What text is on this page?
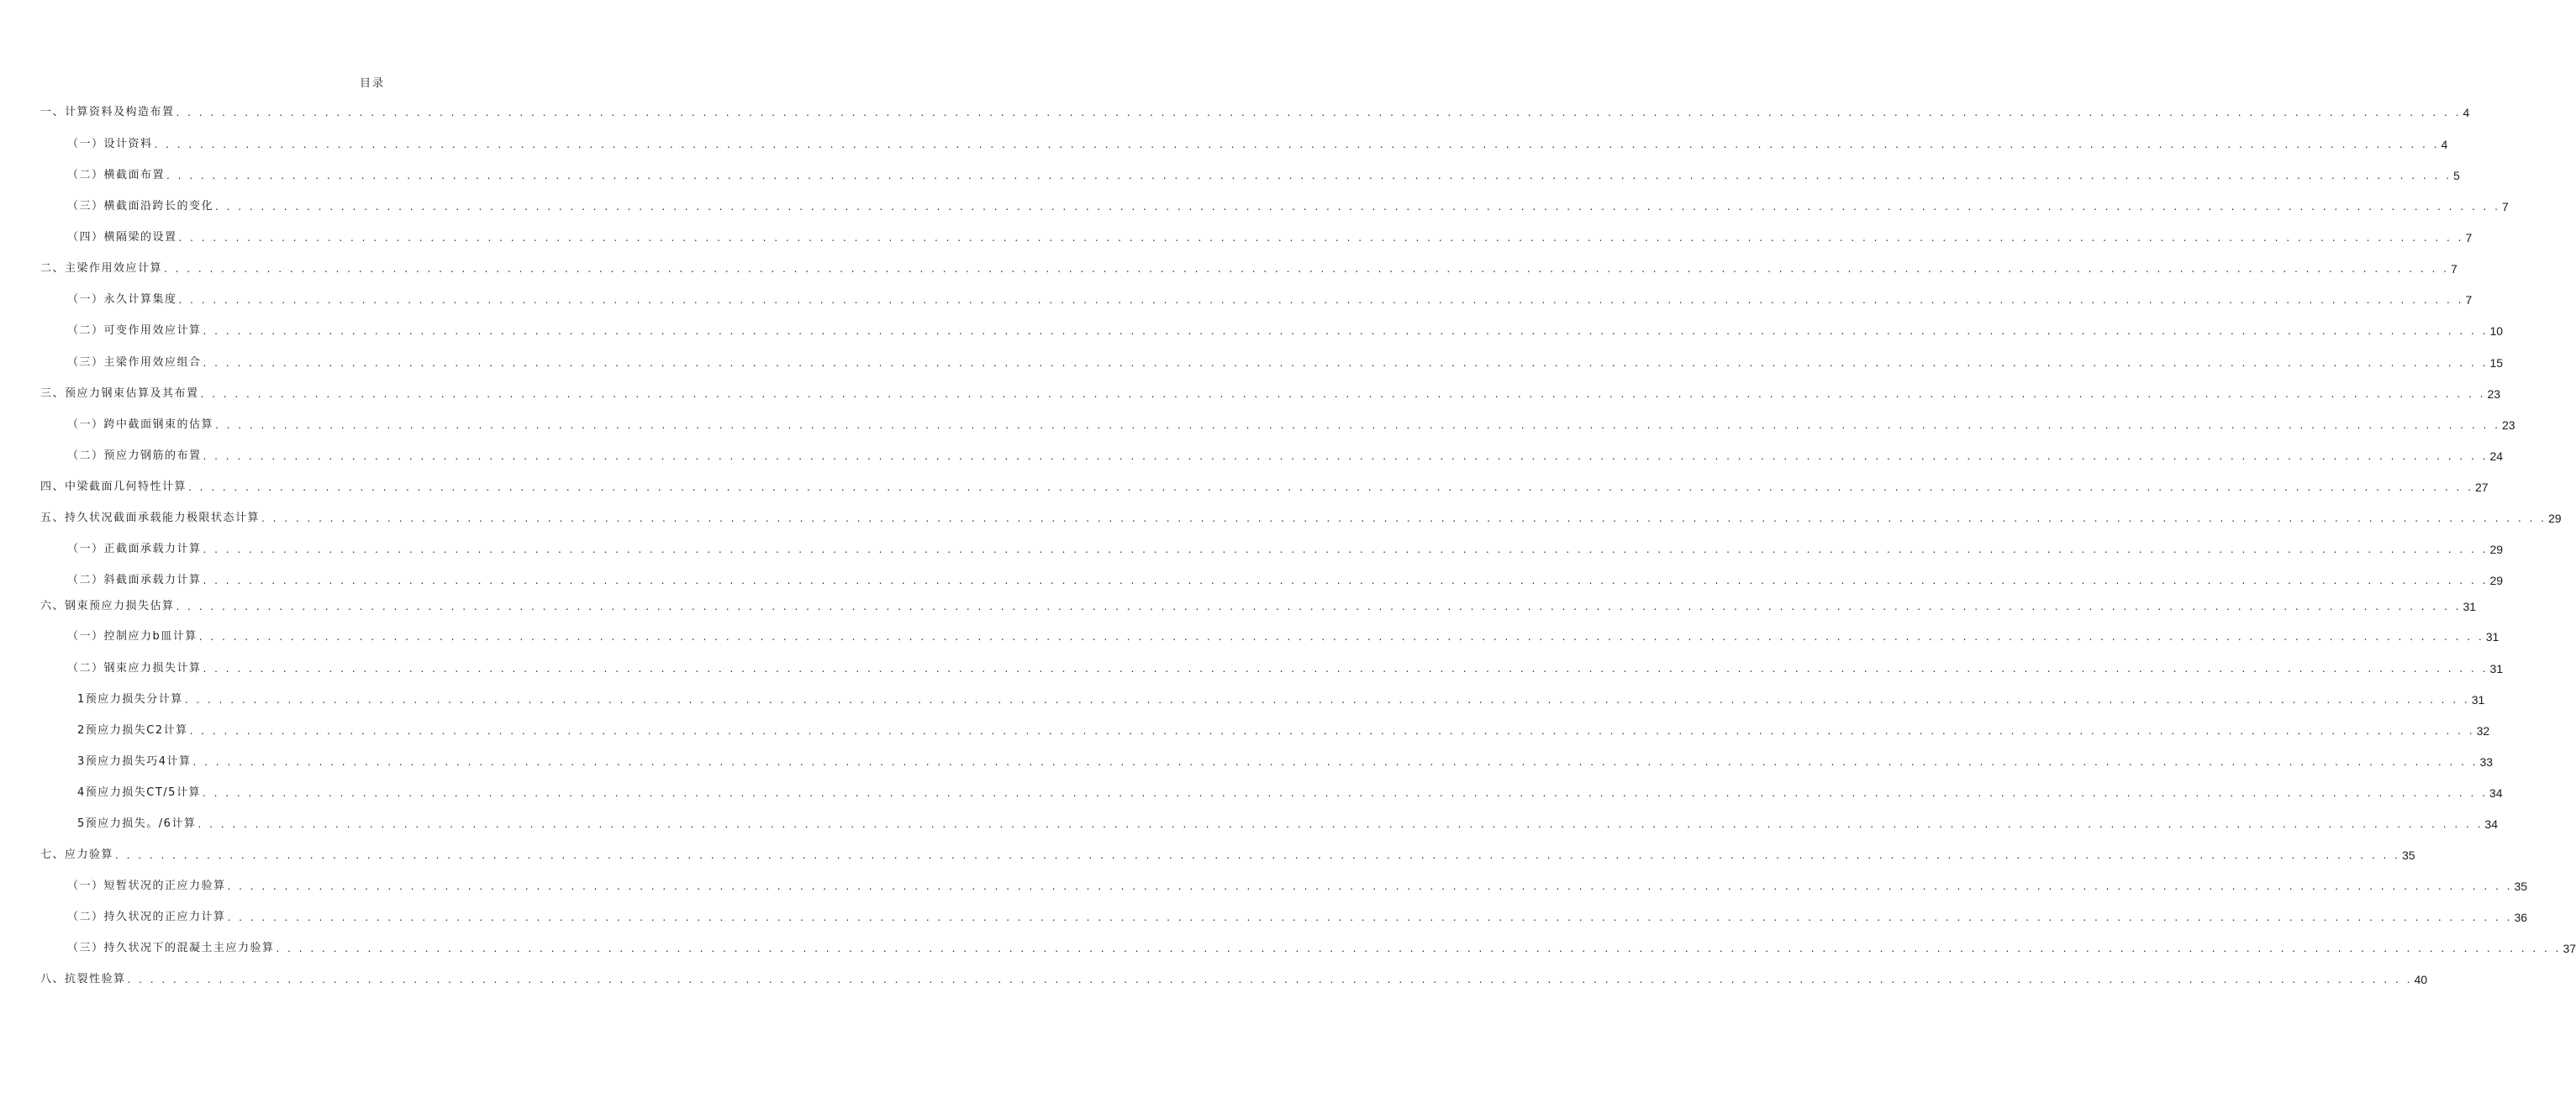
目录
一、计算资料及构造布置 . . . . . . . . . . . . . . . . . . . . . . . . . . . . . . . . . . . . . . . . . . . . . . . . . . . . . . . . . . . . . . . . . . . . . . . . . . . . . . . . . . . . . . . . . . . . . . . . . . . . . . . . . . . . . . . . . . . . . . . . . . . . . . . . . . . . . . . . . . . . . . . . . . . . . . . . . . . . . . . . . . . . . . . . . . . . . . . . . . . . . . . . . . . . . . . . . . . . . . . . 4
（一）设计资料 . . . . . . . . . . . . . . . . . . . . . . . . . . . . . . . . . . . . . . . . . . . . . . . . . . . . . . . . . . . . . . . . . . . . . . . . . . . . . . . . . . . . . . . . . . . . . . . . . . . . . . . . . . . . . . . . . . . . . . . . . . . . . . . . . . . . . . . . . . . . . . . . . . . . . . . . . . . . . . . . . . . . . . . . . . . . . . . . . . . . . . . . . . . . . . . . . . . . . . . . 4
（二）横截面布置 . . . . . . . . . . . . . . . . . . . . . . . . . . . . . . . . . . . . . . . . . . . . . . . . . . . . . . . . . . . . . . . . . . . . . . . . . . . . . . . . . . . . . . . . . . . . . . . . . . . . . . . . . . . . . . . . . . . . . . . . . . . . . . . . . . . . . . . . . . . . . . . . . . . . . . . . . . . . . . . . . . . . . . . . . . . . . . . . . . . . . . . . . . . . . . . . . . . . . . . . 5
（三）横截面沿跨长的变化 . . . . . . . . . . . . . . . . . . . . . . . . . . . . . . . . . . . . . . . . . . . . . . . . . . . . . . . . . . . . . . . . . . . . . . . . . . . . . . . . . . . . . . . . . . . . . . . . . . . . . . . . . . . . . . . . . . . . . . . . . . . . . . . . . . . . . . . . . . . . . . . . . . . . . . . . . . . . . . . . . . . . . . . . . . . . . . . . . . . . . . . . . . . . . . . . . . . . . . . . 7
（四）横隔梁的设置 . . . . . . . . . . . . . . . . . . . . . . . . . . . . . . . . . . . . . . . . . . . . . . . . . . . . . . . . . . . . . . . . . . . . . . . . . . . . . . . . . . . . . . . . . . . . . . . . . . . . . . . . . . . . . . . . . . . . . . . . . . . . . . . . . . . . . . . . . . . . . . . . . . . . . . . . . . . . . . . . . . . . . . . . . . . . . . . . . . . . . . . . . . . . . . . . . . . . . . . . 7
二、主梁作用效应计算 . . . . . . . . . . . . . . . . . . . . . . . . . . . . . . . . . . . . . . . . . . . . . . . . . . . . . . . . . . . . . . . . . . . . . . . . . . . . . . . . . . . . . . . . . . . . . . . . . . . . . . . . . . . . . . . . . . . . . . . . . . . . . . . . . . . . . . . . . . . . . . . . . . . . . . . . . . . . . . . . . . . . . . . . . . . . . . . . . . . . . . . . . . . . . . . . . . . . . . . . 7
（一）永久计算集度 . . . . . . . . . . . . . . . . . . . . . . . . . . . . . . . . . . . . . . . . . . . . . . . . . . . . . . . . . . . . . . . . . . . . . . . . . . . . . . . . . . . . . . . . . . . . . . . . . . . . . . . . . . . . . . . . . . . . . . . . . . . . . . . . . . . . . . . . . . . . . . . . . . . . . . . . . . . . . . . . . . . . . . . . . . . . . . . . . . . . . . . . . . . . . . . . . . . . . . . . 7
（二）可变作用效应计算 . . . . . . . . . . . . . . . . . . . . . . . . . . . . . . . . . . . . . . . . . . . . . . . . . . . . . . . . . . . . . . . . . . . . . . . . . . . . . . . . . . . . . . . . . . . . . . . . . . . . . . . . . . . . . . . . . . . . . . . . . . . . . . . . . . . . . . . . . . . . . . . . . . . . . . . . . . . . . . . . . . . . . . . . . . . . . . . . . . . . . . . . . . . . . . . . . . . . . . . . 10
（三）主梁作用效应组合 . . . . . . . . . . . . . . . . . . . . . . . . . . . . . . . . . . . . . . . . . . . . . . . . . . . . . . . . . . . . . . . . . . . . . . . . . . . . . . . . . . . . . . . . . . . . . . . . . . . . . . . . . . . . . . . . . . . . . . . . . . . . . . . . . . . . . . . . . . . . . . . . . . . . . . . . . . . . . . . . . . . . . . . . . . . . . . . . . . . . . . . . . . . . . . . . . . . . . . . . 15
三、预应力钢束估算及其布置 . . . . . . . . . . . . . . . . . . . . . . . . . . . . . . . . . . . . . . . . . . . . . . . . . . . . . . . . . . . . . . . . . . . . . . . . . . . . . . . . . . . . . . . . . . . . . . . . . . . . . . . . . . . . . . . . . . . . . . . . . . . . . . . . . . . . . . . . . . . . . . . . . . . . . . . . . . . . . . . . . . . . . . . . . . . . . . . . . . . . . . . . . . . . . . . . . . . . . . . . 23
（一）跨中截面钢束的估算 . . . . . . . . . . . . . . . . . . . . . . . . . . . . . . . . . . . . . . . . . . . . . . . . . . . . . . . . . . . . . . . . . . . . . . . . . . . . . . . . . . . . . . . . . . . . . . . . . . . . . . . . . . . . . . . . . . . . . . . . . . . . . . . . . . . . . . . . . . . . . . . . . . . . . . . . . . . . . . . . . . . . . . . . . . . . . . . . . . . . . . . . . . . . . . . . . . . . . . . . 23
（二）预应力钢筋的布置 . . . . . . . . . . . . . . . . . . . . . . . . . . . . . . . . . . . . . . . . . . . . . . . . . . . . . . . . . . . . . . . . . . . . . . . . . . . . . . . . . . . . . . . . . . . . . . . . . . . . . . . . . . . . . . . . . . . . . . . . . . . . . . . . . . . . . . . . . . . . . . . . . . . . . . . . . . . . . . . . . . . . . . . . . . . . . . . . . . . . . . . . . . . . . . . . . . . . . . . . 24
四、中梁截面几何特性计算 . . . . . . . . . . . . . . . . . . . . . . . . . . . . . . . . . . . . . . . . . . . . . . . . . . . . . . . . . . . . . . . . . . . . . . . . . . . . . . . . . . . . . . . . . . . . . . . . . . . . . . . . . . . . . . . . . . . . . . . . . . . . . . . . . . . . . . . . . . . . . . . . . . . . . . . . . . . . . . . . . . . . . . . . . . . . . . . . . . . . . . . . . . . . . . . . . . . . . . . . 27
五、持久状况截面承载能力极限状态计算 . . . . . . . . . . . . . . . . . . . . . . . . . . . . . . . . . . . . . . . . . . . . . . . . . . . . . . . . . . . . . . . . . . . . . . . . . . . . . . . . . . . . . . . . . . . . . . . . . . . . . . . . . . . . . . . . . . . . . . . . . . . . . . . . . . . . . . . . . . . . . . . . . . . . . . . . . . . . . . . . . . . . . . . . . . . . . . . . . . . . . . . . . . . . . . . . . . . . . . . . 29
（一）正截面承载力计算 . . . . . . . . . . . . . . . . . . . . . . . . . . . . . . . . . . . . . . . . . . . . . . . . . . . . . . . . . . . . . . . . . . . . . . . . . . . . . . . . . . . . . . . . . . . . . . . . . . . . . . . . . . . . . . . . . . . . . . . . . . . . . . . . . . . . . . . . . . . . . . . . . . . . . . . . . . . . . . . . . . . . . . . . . . . . . . . . . . . . . . . . . . . . . . . . . . . . . . . . 29
（二）斜截面承载力计算 . . . . . . . . . . . . . . . . . . . . . . . . . . . . . . . . . . . . . . . . . . . . . . . . . . . . . . . . . . . . . . . . . . . . . . . . . . . . . . . . . . . . . . . . . . . . . . . . . . . . . . . . . . . . . . . . . . . . . . . . . . . . . . . . . . . . . . . . . . . . . . . . . . . . . . . . . . . . . . . . . . . . . . . . . . . . . . . . . . . . . . . . . . . . . . . . . . . . . . . . 29
六、钢束预应力损失估算 . . . . . . . . . . . . . . . . . . . . . . . . . . . . . . . . . . . . . . . . . . . . . . . . . . . . . . . . . . . . . . . . . . . . . . . . . . . . . . . . . . . . . . . . . . . . . . . . . . . . . . . . . . . . . . . . . . . . . . . . . . . . . . . . . . . . . . . . . . . . . . . . . . . . . . . . . . . . . . . . . . . . . . . . . . . . . . . . . . . . . . . . . . . . . . . . . . . . . . . . 31
（一）控制应力b皿计算 . . . . . . . . . . . . . . . . . . . . . . . . . . . . . . . . . . . . . . . . . . . . . . . . . . . . . . . . . . . . . . . . . . . . . . . . . . . . . . . . . . . . . . . . . . . . . . . . . . . . . . . . . . . . . . . . . . . . . . . . . . . . . . . . . . . . . . . . . . . . . . . . . . . . . . . . . . . . . . . . . . . . . . . . . . . . . . . . . . . . . . . . . . . . . . . . . . . . . . . . 31
（二）钢束应力损失计算 . . . . . . . . . . . . . . . . . . . . . . . . . . . . . . . . . . . . . . . . . . . . . . . . . . . . . . . . . . . . . . . . . . . . . . . . . . . . . . . . . . . . . . . . . . . . . . . . . . . . . . . . . . . . . . . . . . . . . . . . . . . . . . . . . . . . . . . . . . . . . . . . . . . . . . . . . . . . . . . . . . . . . . . . . . . . . . . . . . . . . . . . . . . . . . . . . . . . . . . . 31
1预应力损失分计算 . . . . . . . . . . . . . . . . . . . . . . . . . . . . . . . . . . . . . . . . . . . . . . . . . . . . . . . . . . . . . . . . . . . . . . . . . . . . . . . . . . . . . . . . . . . . . . . . . . . . . . . . . . . . . . . . . . . . . . . . . . . . . . . . . . . . . . . . . . . . . . . . . . . . . . . . . . . . . . . . . . . . . . . . . . . . . . . . . . . . . . . . . . . . . . . . . . . . . . . . 31
2预应力损失C2计算 . . . . . . . . . . . . . . . . . . . . . . . . . . . . . . . . . . . . . . . . . . . . . . . . . . . . . . . . . . . . . . . . . . . . . . . . . . . . . . . . . . . . . . . . . . . . . . . . . . . . . . . . . . . . . . . . . . . . . . . . . . . . . . . . . . . . . . . . . . . . . . . . . . . . . . . . . . . . . . . . . . . . . . . . . . . . . . . . . . . . . . . . . . . . . . . . . . . . . . . . 32
3预应力损失巧4计算 . . . . . . . . . . . . . . . . . . . . . . . . . . . . . . . . . . . . . . . . . . . . . . . . . . . . . . . . . . . . . . . . . . . . . . . . . . . . . . . . . . . . . . . . . . . . . . . . . . . . . . . . . . . . . . . . . . . . . . . . . . . . . . . . . . . . . . . . . . . . . . . . . . . . . . . . . . . . . . . . . . . . . . . . . . . . . . . . . . . . . . . . . . . . . . . . . . . . . . . . 33
4预应力损失CT/5计算 . . . . . . . . . . . . . . . . . . . . . . . . . . . . . . . . . . . . . . . . . . . . . . . . . . . . . . . . . . . . . . . . . . . . . . . . . . . . . . . . . . . . . . . . . . . . . . . . . . . . . . . . . . . . . . . . . . . . . . . . . . . . . . . . . . . . . . . . . . . . . . . . . . . . . . . . . . . . . . . . . . . . . . . . . . . . . . . . . . . . . . . . . . . . . . . . . . . . . . . . 34
5预应力损失。/6计算 . . . . . . . . . . . . . . . . . . . . . . . . . . . . . . . . . . . . . . . . . . . . . . . . . . . . . . . . . . . . . . . . . . . . . . . . . . . . . . . . . . . . . . . . . . . . . . . . . . . . . . . . . . . . . . . . . . . . . . . . . . . . . . . . . . . . . . . . . . . . . . . . . . . . . . . . . . . . . . . . . . . . . . . . . . . . . . . . . . . . . . . . . . . . . . . . . . . . . . . . 34
七、应力验算 . . . . . . . . . . . . . . . . . . . . . . . . . . . . . . . . . . . . . . . . . . . . . . . . . . . . . . . . . . . . . . . . . . . . . . . . . . . . . . . . . . . . . . . . . . . . . . . . . . . . . . . . . . . . . . . . . . . . . . . . . . . . . . . . . . . . . . . . . . . . . . . . . . . . . . . . . . . . . . . . . . . . . . . . . . . . . . . . . . . . . . . . . . . . . . . . . . . . . . . . 35
（一）短暂状况的正应力验算 . . . . . . . . . . . . . . . . . . . . . . . . . . . . . . . . . . . . . . . . . . . . . . . . . . . . . . . . . . . . . . . . . . . . . . . . . . . . . . . . . . . . . . . . . . . . . . . . . . . . . . . . . . . . . . . . . . . . . . . . . . . . . . . . . . . . . . . . . . . . . . . . . . . . . . . . . . . . . . . . . . . . . . . . . . . . . . . . . . . . . . . . . . . . . . . . . . . . . . . . 35
（二）持久状况的正应力计算 . . . . . . . . . . . . . . . . . . . . . . . . . . . . . . . . . . . . . . . . . . . . . . . . . . . . . . . . . . . . . . . . . . . . . . . . . . . . . . . . . . . . . . . . . . . . . . . . . . . . . . . . . . . . . . . . . . . . . . . . . . . . . . . . . . . . . . . . . . . . . . . . . . . . . . . . . . . . . . . . . . . . . . . . . . . . . . . . . . . . . . . . . . . . . . . . . . . . . . . . 36
（三）持久状况下的混凝土主应力验算 . . . . . . . . . . . . . . . . . . . . . . . . . . . . . . . . . . . . . . . . . . . . . . . . . . . . . . . . . . . . . . . . . . . . . . . . . . . . . . . . . . . . . . . . . . . . . . . . . . . . . . . . . . . . . . . . . . . . . . . . . . . . . . . . . . . . . . . . . . . . . . . . . . . . . . . . . . . . . . . . . . . . . . . . . . . . . . . . . . . . . . . . . . . . . . . . . . . . . . . . 37
八、抗裂性验算 . . . . . . . . . . . . . . . . . . . . . . . . . . . . . . . . . . . . . . . . . . . . . . . . . . . . . . . . . . . . . . . . . . . . . . . . . . . . . . . . . . . . . . . . . . . . . . . . . . . . . . . . . . . . . . . . . . . . . . . . . . . . . . . . . . . . . . . . . . . . . . . . . . . . . . . . . . . . . . . . . . . . . . . . . . . . . . . . . . . . . . . . . . . . . . . . . . . . . . . . 40
